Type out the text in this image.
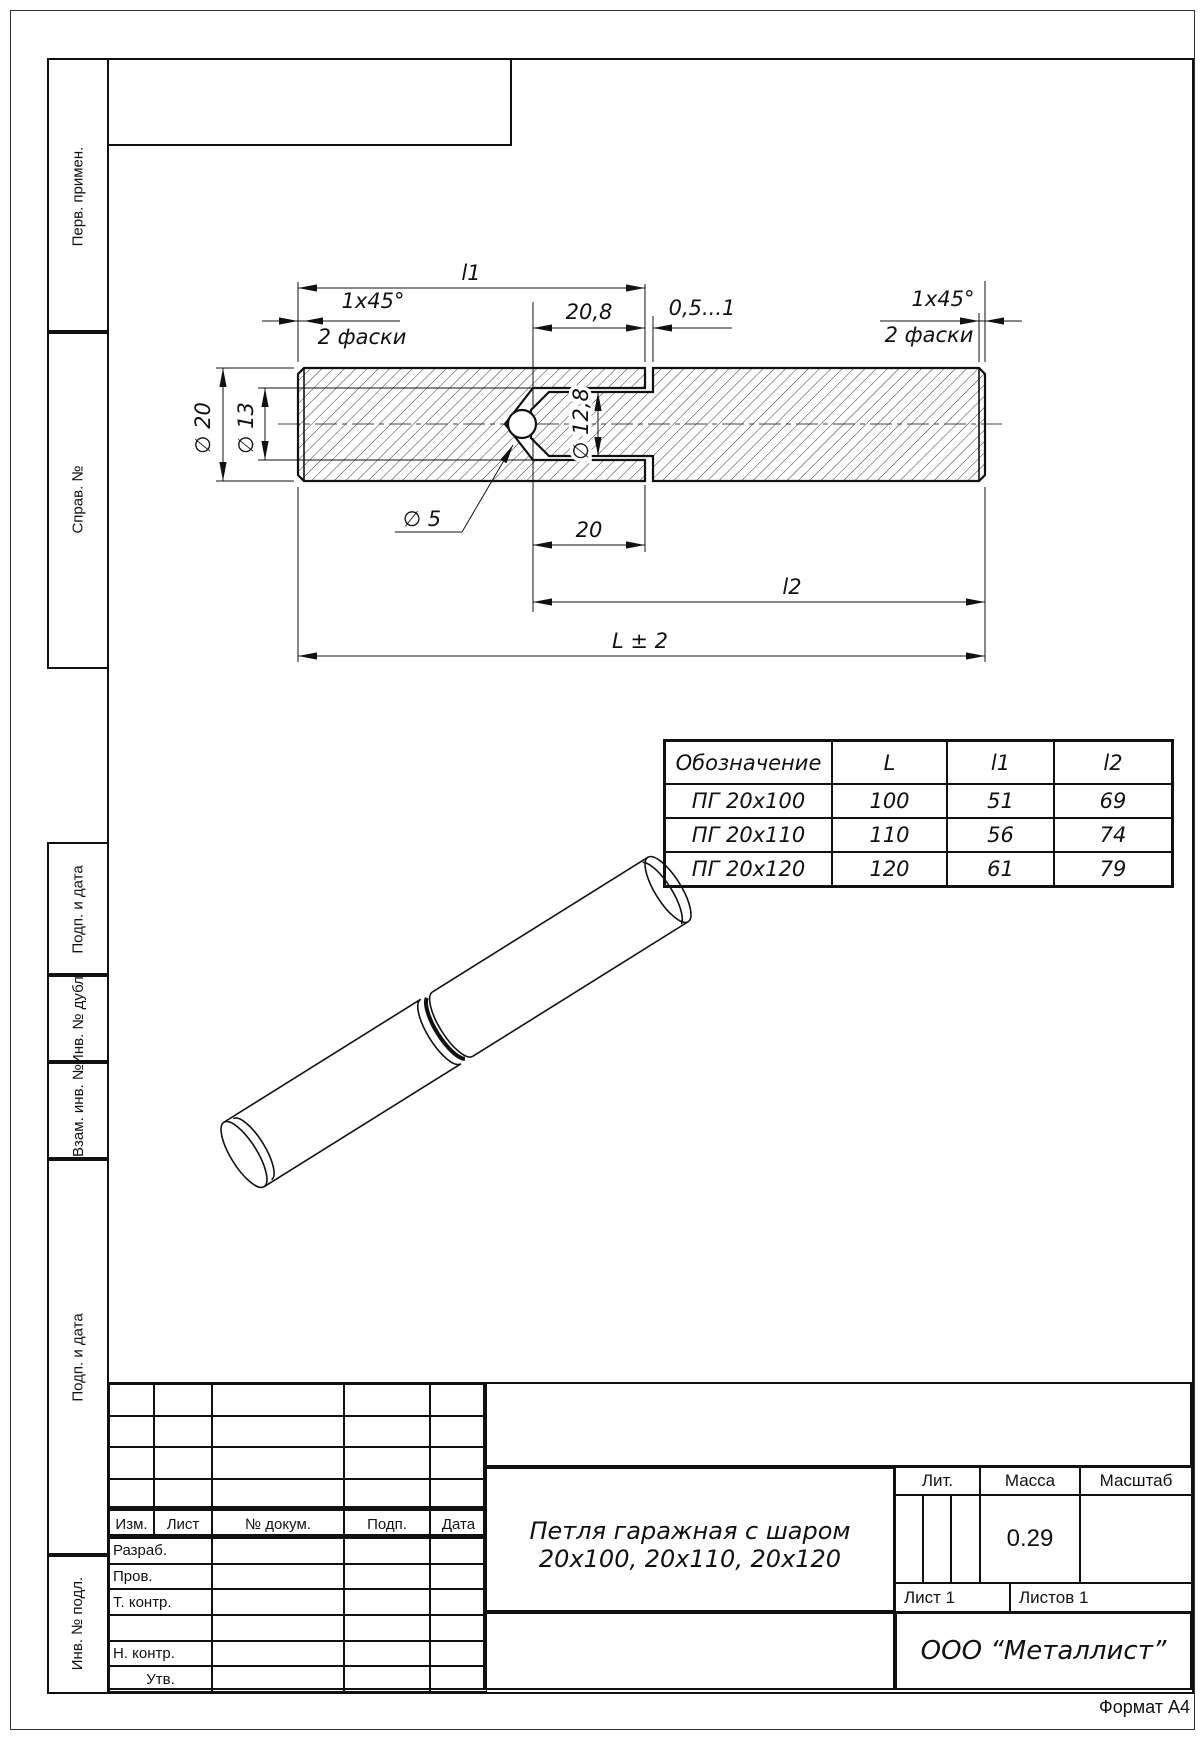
Перв. примен.
Справ. №
Подп. и дата
Инв. № дубл.
Взам. инв. №
Подп. и дата
Инв. № подл.
l1
1x45°
2 фаски
20,8	0,5...1	1x45°
2 фаски
∅ 20 ∅ 13	∅ 12,8
∅ 5	20
l2
L ± 2
Обозначение	L	l1	l2
ПГ 20x100	100	51	69
ПГ 20x110	110	56	74
ПГ 20x120	120	61	79
Изм.	Лист	№ докум.	Подп.	Дата
Разраб.
Пров.
Т. контр.
Н. контр.
Утв.
Петля гаражная с шаром
20x100, 20x110, 20x120
Лит.	Масса	Масштаб
0.29
Лист 1	Листов 1
ООО “Металлист”
Формат А4
